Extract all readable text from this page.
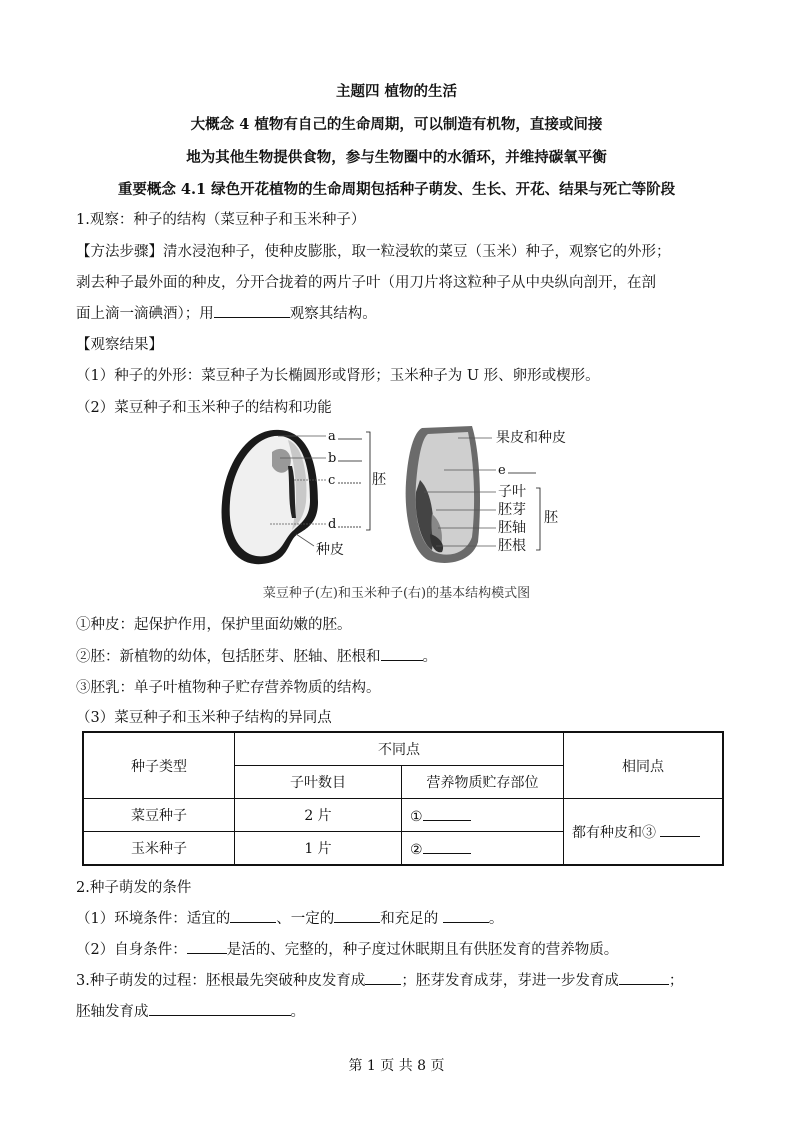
主题四 植物的生活
大概念 4 植物有自己的生命周期，可以制造有机物，直接或间接
地为其他生物提供食物，参与生物圈中的水循环，并维持碳氧平衡
重要概念 4.1 绿色开花植物的生命周期包括种子萌发、生长、开花、结果与死亡等阶段
1.观察：种子的结构（菜豆种子和玉米种子）
【方法步骤】清水浸泡种子，使种皮膨胀，取一粒浸软的菜豆（玉米）种子，观察它的外形；
剥去种子最外面的种皮，分开合拢着的两片子叶（用刀片将这粒种子从中央纵向剖开，在剖
面上滴一滴碘酒）；用	观察其结构。
【观察结果】
（1）种子的外形：菜豆种子为长椭圆形或肾形；玉米种子为 U 形、卵形或楔形。
（2）菜豆种子和玉米种子的结构和功能
a
b
c
d
胚
种皮
果皮和种皮
e
子叶
胚芽
胚轴
胚根
胚
菜豆种子(左)和玉米种子(右)的基本结构模式图
①种皮：起保护作用，保护里面幼嫩的胚。
②胚：新植物的幼体，包括胚芽、胚轴、胚根和	。
③胚乳：单子叶植物种子贮存营养物质的结构。
（3）菜豆种子和玉米种子结构的异同点
种子类型	不同点		相同点
	子叶数目	营养物质贮存部位	
菜豆种子	2 片	①	都有种皮和③
玉米种子	1 片	②	
2.种子萌发的条件
（1）环境条件：适宜的	、一定的	和充足的	。
（2）自身条件：	是活的、完整的，种子度过休眠期且有供胚发育的营养物质。
3.种子萌发的过程：胚根最先突破种皮发育成 ；胚芽发育成芽，芽进一步发育成	；
胚轴发育成	。
第 1 页 共 8 页
